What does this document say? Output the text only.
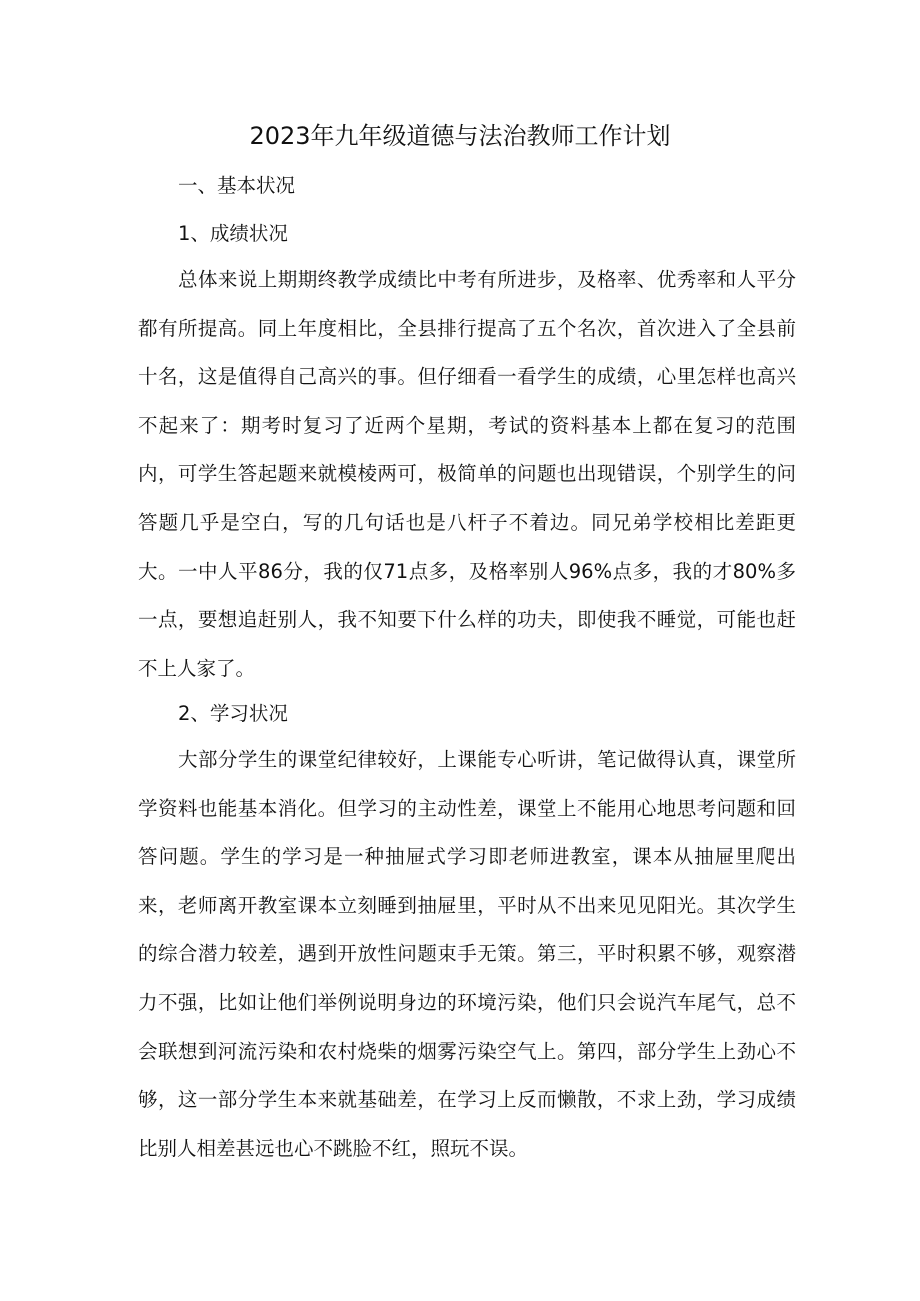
2023年九年级道德与法治教师工作计划
一、基本状况
1、成绩状况

总体来说上期期终教学成绩比中考有所进步，及格率、优秀率和人平分都有所提高。同上年度相比，全县排行提高了五个名次，首次进入了全县前十名，这是值得自己高兴的事。但仔细看一看学生的成绩，心里怎样也高兴不起来了：期考时复习了近两个星期，考试的资料基本上都在复习的范围内，可学生答起题来就模棱两可，极简单的问题也出现错误，个别学生的问答题几乎是空白，写的几句话也是八杆子不着边。同兄弟学校相比差距更大。一中人平86分，我的仅71点多，及格率别人96%点多，我的才80%多一点，要想追赶别人，我不知要下什么样的功夫，即使我不睡觉，可能也赶不上人家了。

2、学习状况

大部分学生的课堂纪律较好，上课能专心听讲，笔记做得认真，课堂所学资料也能基本消化。但学习的主动性差，课堂上不能用心地思考问题和回答问题。学生的学习是一种抽屉式学习即老师进教室，课本从抽屉里爬出来，老师离开教室课本立刻睡到抽屉里，平时从不出来见见阳光。其次学生的综合潜力较差，遇到开放性问题束手无策。第三，平时积累不够，观察潜力不强，比如让他们举例说明身边的环境污染，他们只会说汽车尾气，总不会联想到河流污染和农村烧柴的烟雾污染空气上。第四，部分学生上劲心不够，这一部分学生本来就基础差，在学习上反而懒散，不求上劲，学习成绩比别人相差甚远也心不跳脸不红，照玩不误。
